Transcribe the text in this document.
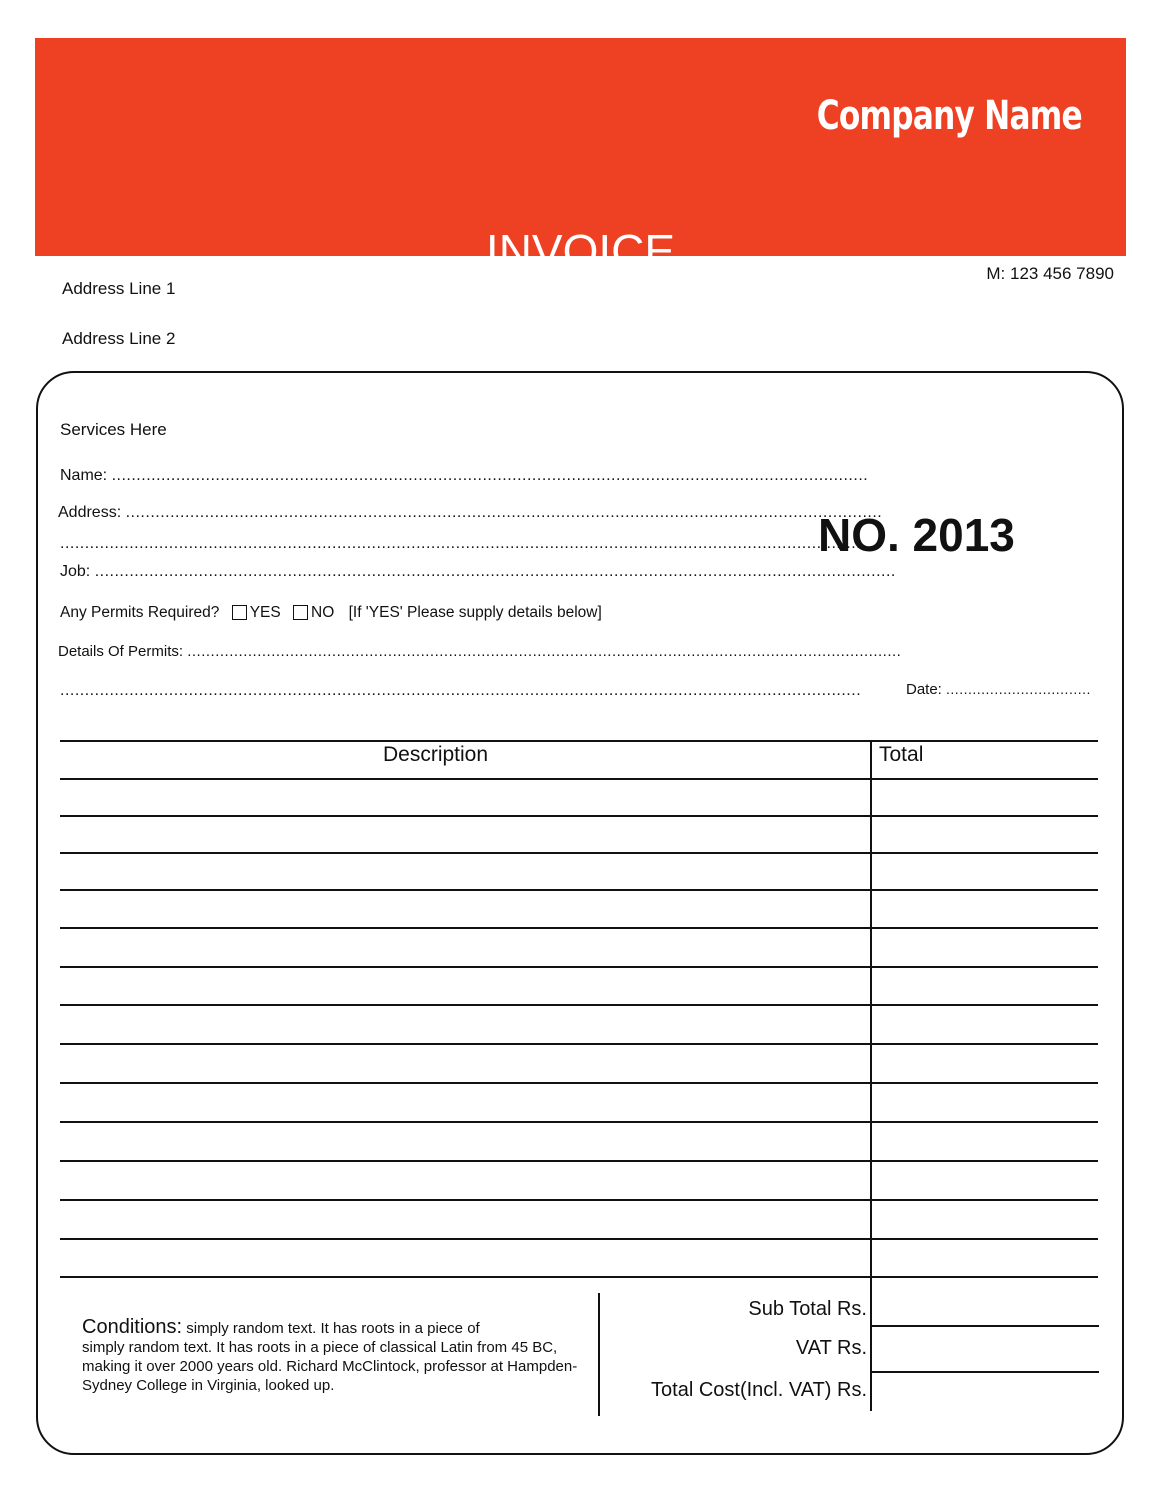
Company Name
INVOICE
Address Line 1
Address Line 2
M: 123 456 7890
Services Here
Name: .........................................................................................................................................................
Address: .........................................................................................................................................................
..................................................................................................................................................................
Job: ..................................................................................................................................................................
Any Permits Required? YES NO [If 'YES' Please supply details below]
Details Of Permits: .........................................................................................................................................................
..................................................................................................................................................................
NO. 2013
Date: .................................
Description	Total
Conditions: simply random text. It has roots in a piece of
simply random text. It has roots in a piece of classical Latin from 45 BC, making it over 2000 years old. Richard McClintock, professor at Hampden-Sydney College in Virginia, looked up.
Sub Total Rs.
VAT Rs.
Total Cost(Incl. VAT) Rs.
